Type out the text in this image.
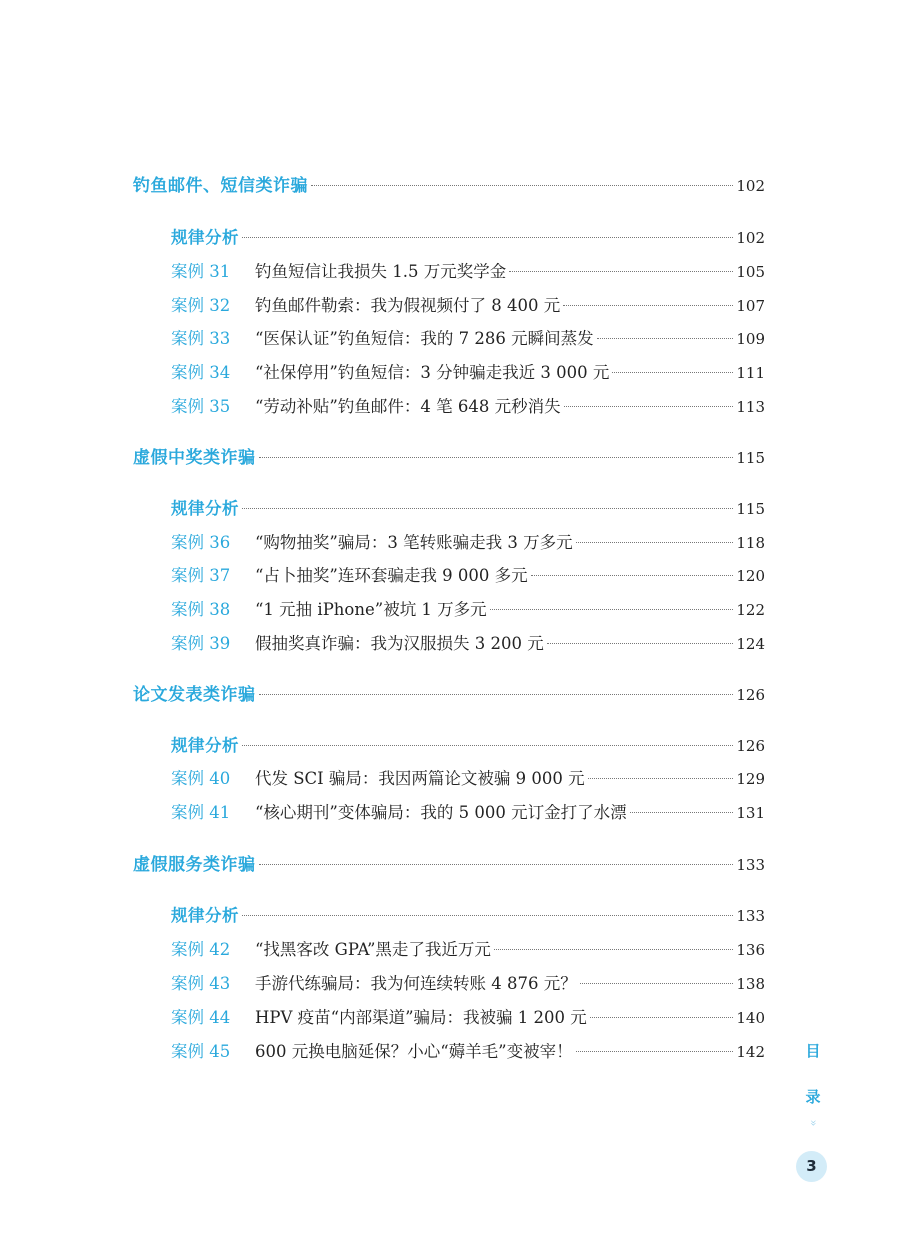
钓鱼邮件、短信类诈骗	102
规律分析	102
案例 31	钓鱼短信让我损失 1.5 万元奖学金	105
案例 32	钓鱼邮件勒索：我为假视频付了 8 400 元	107
案例 33	“医保认证”钓鱼短信：我的 7 286 元瞬间蒸发	109
案例 34	“社保停用”钓鱼短信：3 分钟骗走我近 3 000 元	111
案例 35	“劳动补贴”钓鱼邮件：4 笔 648 元秒消失	113
虚假中奖类诈骗	115
规律分析	115
案例 36	“购物抽奖”骗局：3 笔转账骗走我 3 万多元	118
案例 37	“占卜抽奖”连环套骗走我 9 000 多元	120
案例 38	“1 元抽 iPhone”被坑 1 万多元	122
案例 39	假抽奖真诈骗：我为汉服损失 3 200 元	124
论文发表类诈骗	126
规律分析	126
案例 40	代发 SCI 骗局：我因两篇论文被骗 9 000 元	129
案例 41	“核心期刊”变体骗局：我的 5 000 元订金打了水漂	131
虚假服务类诈骗	133
规律分析	133
案例 42	“找黑客改 GPA”黑走了我近万元	136
案例 43	手游代练骗局：我为何连续转账 4 876 元？	138
案例 44	HPV 疫苗“内部渠道”骗局：我被骗 1 200 元	140
案例 45	600 元换电脑延保？小心“薅羊毛”变被宰！	142	目
录
»
3
